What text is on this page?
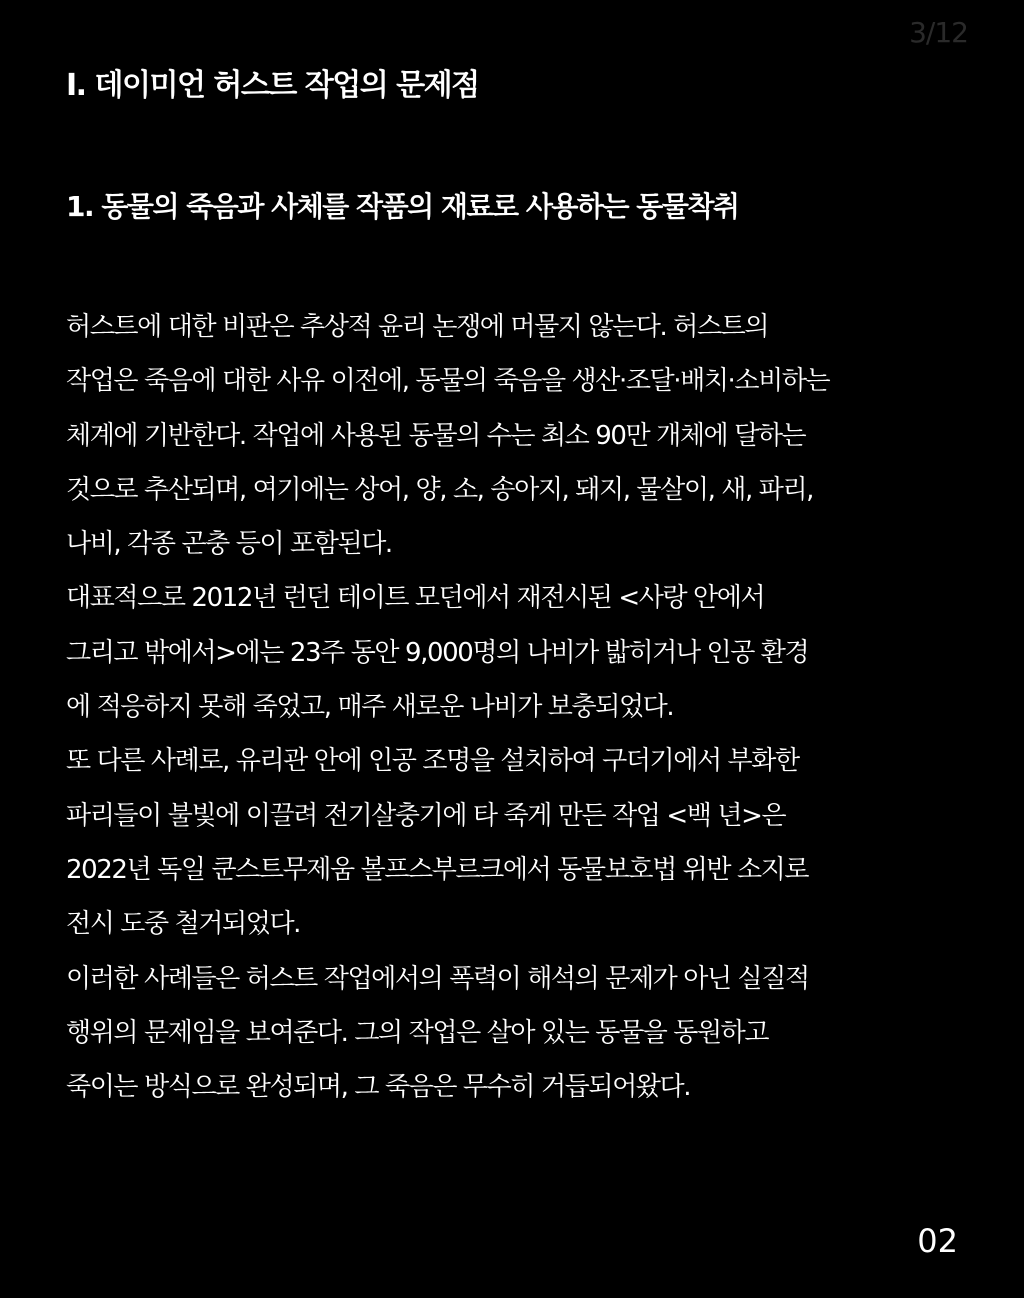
3/12
I. 데이미언 허스트 작업의 문제점
1. 동물의 죽음과 사체를 작품의 재료로 사용하는 동물착취
허스트에 대한 비판은 추상적 윤리 논쟁에 머물지 않는다. 허스트의
작업은 죽음에 대한 사유 이전에, 동물의 죽음을 생산·조달·배치·소비하는
체계에 기반한다. 작업에 사용된 동물의 수는 최소 90만 개체에 달하는
것으로 추산되며, 여기에는 상어, 양, 소, 송아지, 돼지, 물살이, 새, 파리,
나비, 각종 곤충 등이 포함된다.
대표적으로 2012년 런던 테이트 모던에서 재전시된 <사랑 안에서
그리고 밖에서>에는 23주 동안 9,000명의 나비가 밟히거나 인공 환경
에 적응하지 못해 죽었고, 매주 새로운 나비가 보충되었다.
또 다른 사례로, 유리관 안에 인공 조명을 설치하여 구더기에서 부화한
파리들이 불빛에 이끌려 전기살충기에 타 죽게 만든 작업 <백 년>은
2022년 독일 쿤스트무제움 볼프스부르크에서 동물보호법 위반 소지로
전시 도중 철거되었다.
이러한 사례들은 허스트 작업에서의 폭력이 해석의 문제가 아닌 실질적
행위의 문제임을 보여준다. 그의 작업은 살아 있는 동물을 동원하고
죽이는 방식으로 완성되며, 그 죽음은 무수히 거듭되어왔다.
02
